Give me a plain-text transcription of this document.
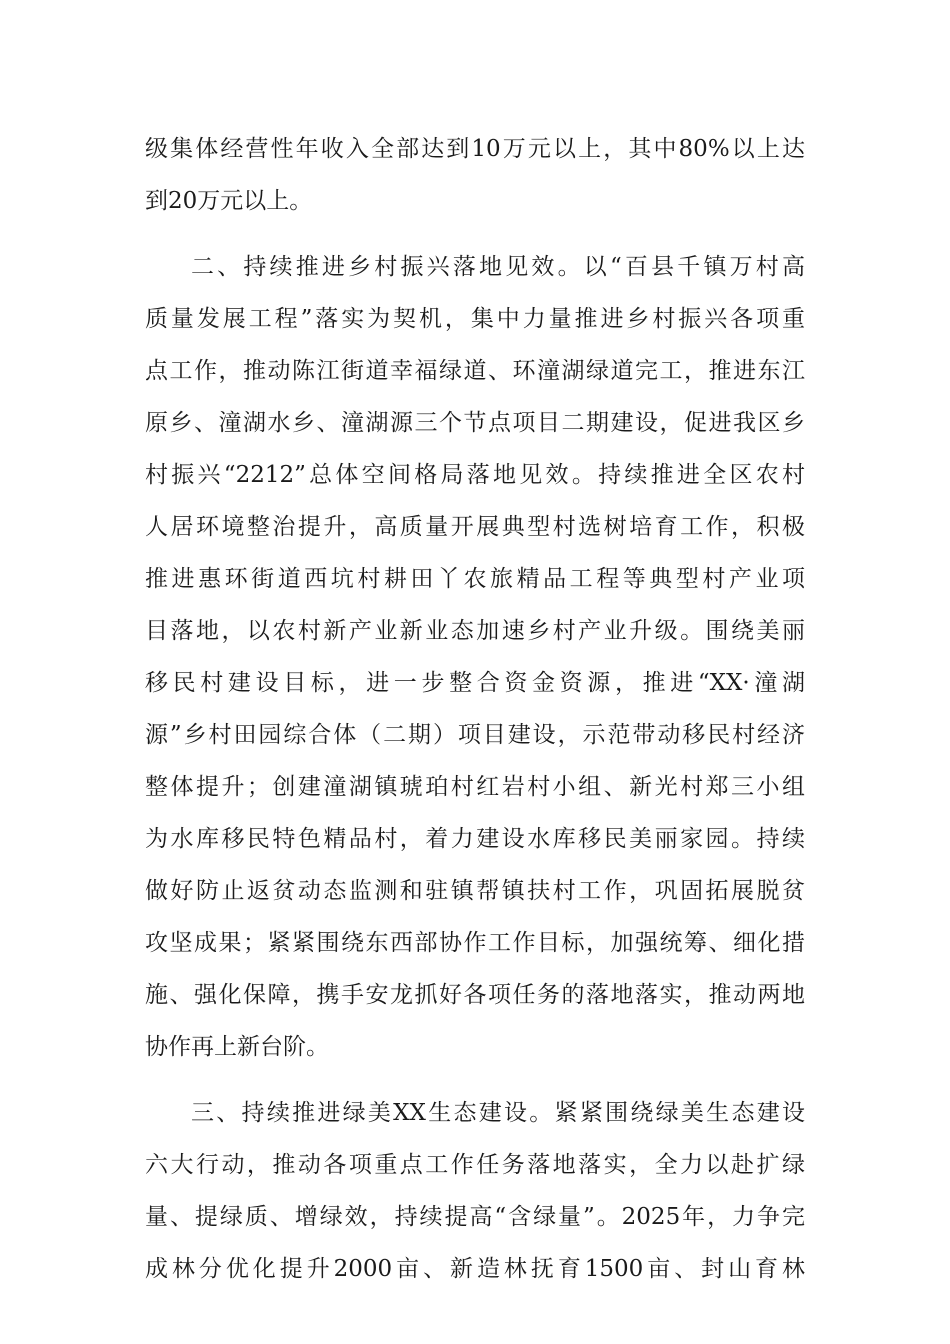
级集体经营性年收入全部达到10万元以上，其中80%以上达
到20万元以上。
二、持续推进乡村振兴落地见效。以“百县千镇万村高
质量发展工程”落实为契机，集中力量推进乡村振兴各项重
点工作，推动陈江街道幸福绿道、环潼湖绿道完工，推进东江
原乡、潼湖水乡、潼湖源三个节点项目二期建设，促进我区乡
村振兴“2212”总体空间格局落地见效。持续推进全区农村
人居环境整治提升，高质量开展典型村选树培育工作，积极
推进惠环街道西坑村耕田丫农旅精品工程等典型村产业项
目落地，以农村新产业新业态加速乡村产业升级。围绕美丽
移民村建设目标，进一步整合资金资源，推进“XX·潼湖
源”乡村田园综合体（二期）项目建设，示范带动移民村经济
整体提升；创建潼湖镇琥珀村红岩村小组、新光村郑三小组
为水库移民特色精品村，着力建设水库移民美丽家园。持续
做好防止返贫动态监测和驻镇帮镇扶村工作，巩固拓展脱贫
攻坚成果；紧紧围绕东西部协作工作目标，加强统筹、细化措
施、强化保障，携手安龙抓好各项任务的落地落实，推动两地
协作再上新台阶。
三、持续推进绿美XX生态建设。紧紧围绕绿美生态建设
六大行动，推动各项重点工作任务落地落实，全力以赴扩绿
量、提绿质、增绿效，持续提高“含绿量”。2025年，力争完
成林分优化提升2000亩、新造林抚育1500亩、封山育林
